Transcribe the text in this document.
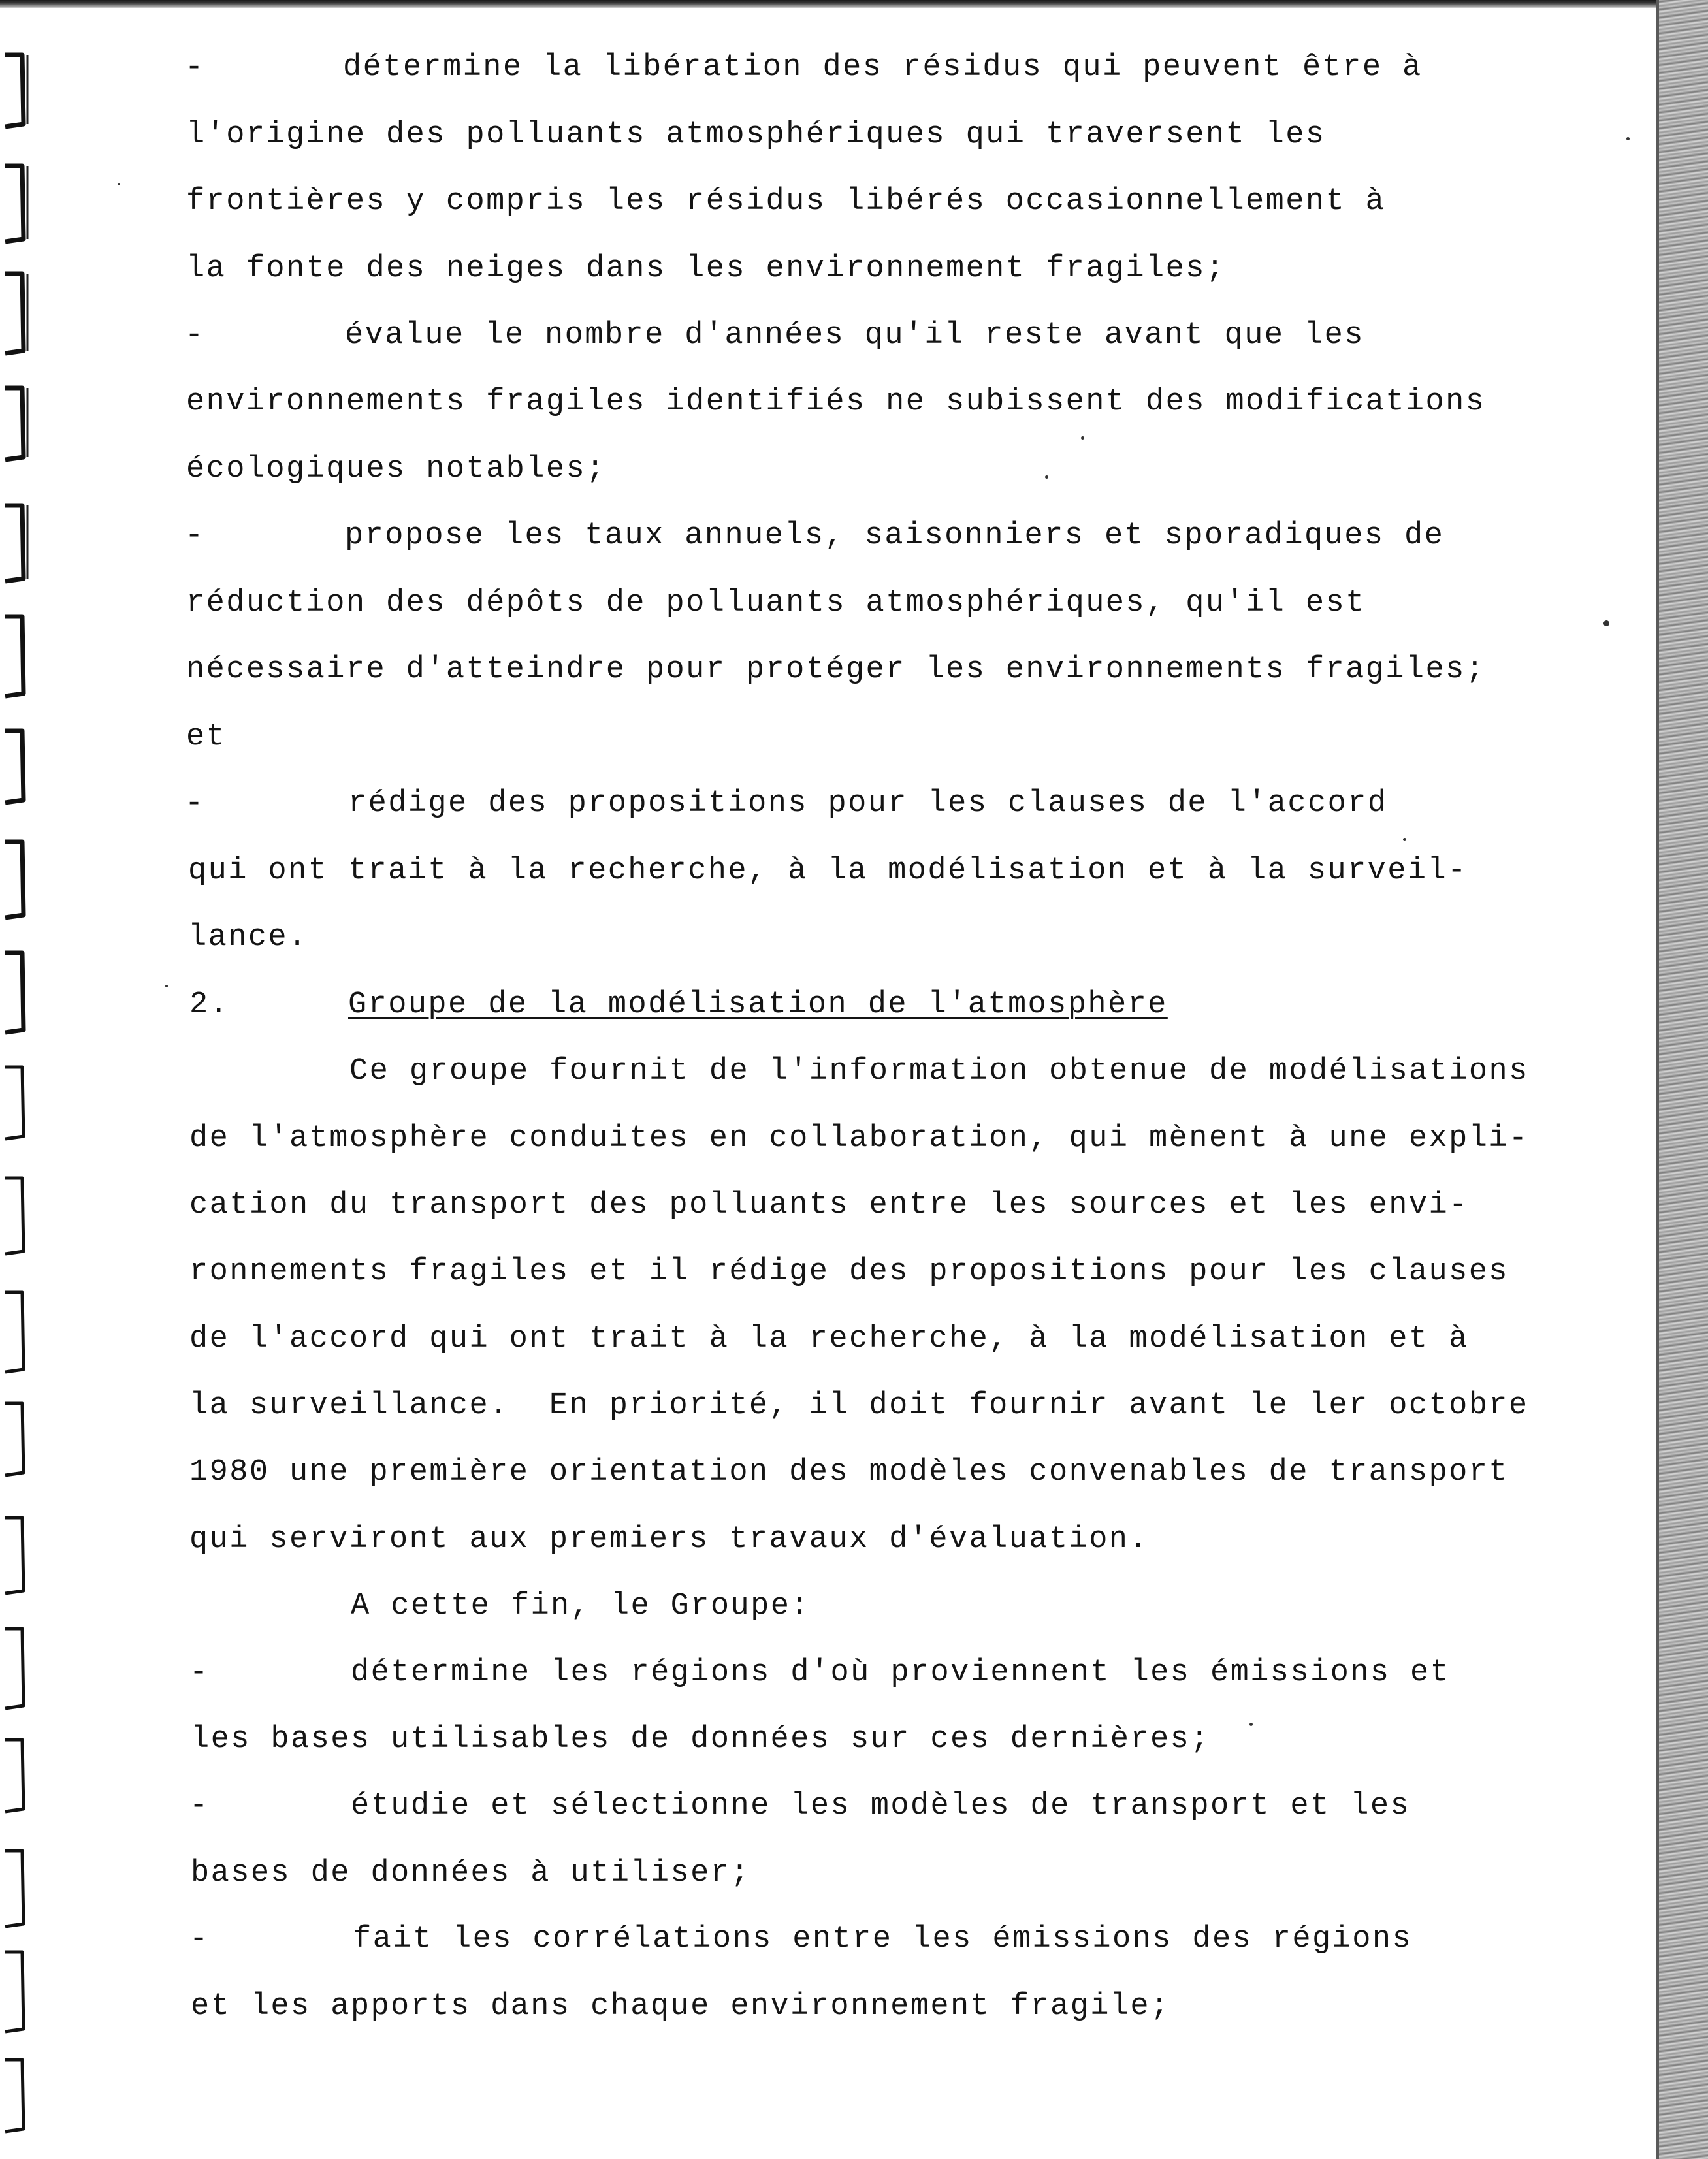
-	détermine la libération des résidus qui peuvent être à
l'origine des polluants atmosphériques qui traversent les
frontières y compris les résidus libérés occasionnellement à
la fonte des neiges dans les environnement fragiles;
-	évalue le nombre d'années qu'il reste avant que les
environnements fragiles identifiés ne subissent des modifications
écologiques notables;
-	propose les taux annuels, saisonniers et sporadiques de
réduction des dépôts de polluants atmosphériques, qu'il est
nécessaire d'atteindre pour protéger les environnements fragiles;
et
-	rédige des propositions pour les clauses de l'accord
qui ont trait à la recherche, à la modélisation et à la surveil-
lance.
2.	Groupe de la modélisation de l'atmosphère
Ce groupe fournit de l'information obtenue de modélisations
de l'atmosphère conduites en collaboration, qui mènent à une expli-
cation du transport des polluants entre les sources et les envi-
ronnements fragiles et il rédige des propositions pour les clauses
de l'accord qui ont trait à la recherche, à la modélisation et à
la surveillance.  En priorité, il doit fournir avant le ler octobre
1980 une première orientation des modèles convenables de transport
qui serviront aux premiers travaux d'évaluation.
A cette fin, le Groupe:
-	détermine les régions d'où proviennent les émissions et
les bases utilisables de données sur ces dernières;
-	étudie et sélectionne les modèles de transport et les
bases de données à utiliser;
-	fait les corrélations entre les émissions des régions
et les apports dans chaque environnement fragile;
